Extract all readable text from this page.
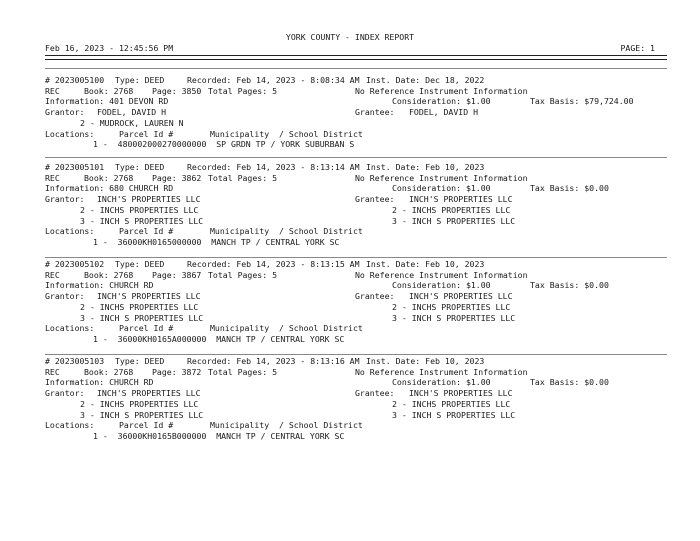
YORK COUNTY - INDEX REPORT
Feb 16, 2023 - 12:45:56 PM	PAGE: 1
# 2023005100 Type: DEED	Recorded: Feb 14, 2023 - 8:08:34 AM Inst. Date: Dec 18, 2022
REC	Book: 2768 Page: 3850 Total Pages: 5	No Reference Instrument Information
Information: 401 DEVON RD	Consideration: $1.00	Tax Basis: $79,724.00
Grantor: FODEL, DAVID H	Grantee: FODEL, DAVID H
2 - MUDROCK, LAUREN N
Locations:	Parcel Id #	Municipality  / School District
1 -  480002000270000000  SP GRDN TP / YORK SUBURBAN S
# 2023005101 Type: DEED	Recorded: Feb 14, 2023 - 8:13:14 AM Inst. Date: Feb 10, 2023
REC	Book: 2768 Page: 3862 Total Pages: 5	No Reference Instrument Information
Information: 680 CHURCH RD	Consideration: $1.00	Tax Basis: $0.00
Grantor: INCH'S PROPERTIES LLC	Grantee: INCH'S PROPERTIES LLC
2 - INCHS PROPERTIES LLC	2 - INCHS PROPERTIES LLC
3 - INCH S PROPERTIES LLC	3 - INCH S PROPERTIES LLC
Locations:	Parcel Id #	Municipality  / School District
1 -  36000KH0165000000  MANCH TP / CENTRAL YORK SC
# 2023005102 Type: DEED	Recorded: Feb 14, 2023 - 8:13:15 AM Inst. Date: Feb 10, 2023
REC	Book: 2768 Page: 3867 Total Pages: 5	No Reference Instrument Information
Information: CHURCH RD	Consideration: $1.00	Tax Basis: $0.00
Grantor: INCH'S PROPERTIES LLC	Grantee: INCH'S PROPERTIES LLC
2 - INCHS PROPERTIES LLC	2 - INCHS PROPERTIES LLC
3 - INCH S PROPERTIES LLC	3 - INCH S PROPERTIES LLC
Locations:	Parcel Id #	Municipality  / School District
1 -  36000KH0165A000000  MANCH TP / CENTRAL YORK SC
# 2023005103 Type: DEED	Recorded: Feb 14, 2023 - 8:13:16 AM Inst. Date: Feb 10, 2023
REC	Book: 2768 Page: 3872 Total Pages: 5	No Reference Instrument Information
Information: CHURCH RD	Consideration: $1.00	Tax Basis: $0.00
Grantor: INCH'S PROPERTIES LLC	Grantee: INCH'S PROPERTIES LLC
2 - INCHS PROPERTIES LLC	2 - INCHS PROPERTIES LLC
3 - INCH S PROPERTIES LLC	3 - INCH S PROPERTIES LLC
Locations:	Parcel Id #	Municipality  / School District
1 -  36000KH0165B000000  MANCH TP / CENTRAL YORK SC
